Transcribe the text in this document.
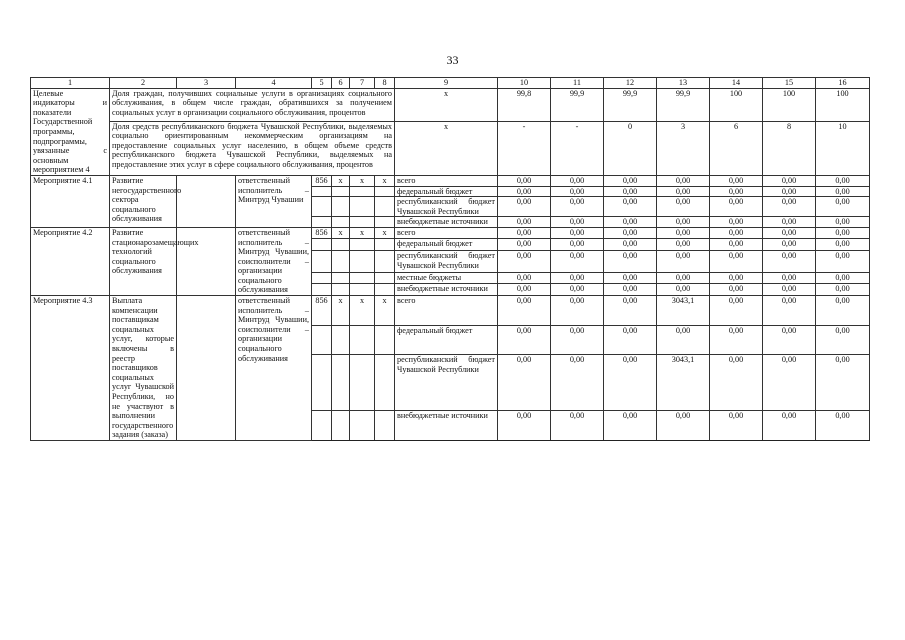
33
1	2	3	4	5	6	7	8	9	10	11	12	13	14	15	16
Целевые индикаторы и показатели Государственной программы, подпрограммы, увязанные с основным мероприятием 4	Доля граждан, получивших социальные услуги в организациях социального обслуживания, в общем числе граждан, обратившихся за получением социальных услуг в организации социального обслуживания, процентов							x	99,8	99,9	99,9	99,9	100	100	100
	Доля средств республиканского бюджета Чувашской Республики, выделяемых социально ориентированным некоммерческим организациям на предоставление социальных услуг населению, в общем объеме средств республиканского бюджета Чувашской Республики, выделяемых на предоставление этих услуг в сфере социального обслуживания, процентов							x	-	-	0	3	6	8	10
Мероприятие 4.1	Развитие негосударственного сектора социального обслуживания		ответственный исполнитель – Минтруд Чувашии	856	x	x	x	всего	0,00	0,00	0,00	0,00	0,00	0,00	0,00
								федеральный бюджет	0,00	0,00	0,00	0,00	0,00	0,00	0,00
								республиканский бюджет Чувашской Республики	0,00	0,00	0,00	0,00	0,00	0,00	0,00
								внебюджетные источники	0,00	0,00	0,00	0,00	0,00	0,00	0,00
Мероприятие 4.2	Развитие стационарозамещающих технологий социального обслуживания		ответственный исполнитель – Минтруд Чувашии, соисполнители – организации социального обслуживания	856	x	x	x	всего	0,00	0,00	0,00	0,00	0,00	0,00	0,00
								федеральный бюджет	0,00	0,00	0,00	0,00	0,00	0,00	0,00
								республиканский бюджет Чувашской Республики	0,00	0,00	0,00	0,00	0,00	0,00	0,00
								местные бюджеты	0,00	0,00	0,00	0,00	0,00	0,00	0,00
								внебюджетные источники	0,00	0,00	0,00	0,00	0,00	0,00	0,00
Мероприятие 4.3	Выплата компенсации поставщикам социальных услуг, которые включены в реестр поставщиков социальных услуг Чувашской Республики, но не участвуют в выполнении государственного задания (заказа)		ответственный исполнитель – Минтруд Чувашии, соисполнители – организации социального обслуживания	856	x	x	x	всего	0,00	0,00	0,00	3043,1	0,00	0,00	0,00
								федеральный бюджет	0,00	0,00	0,00	0,00	0,00	0,00	0,00
								республиканский бюджет Чувашской Республики	0,00	0,00	0,00	3043,1	0,00	0,00	0,00
								внебюджетные источники	0,00	0,00	0,00	0,00	0,00	0,00	0,00
